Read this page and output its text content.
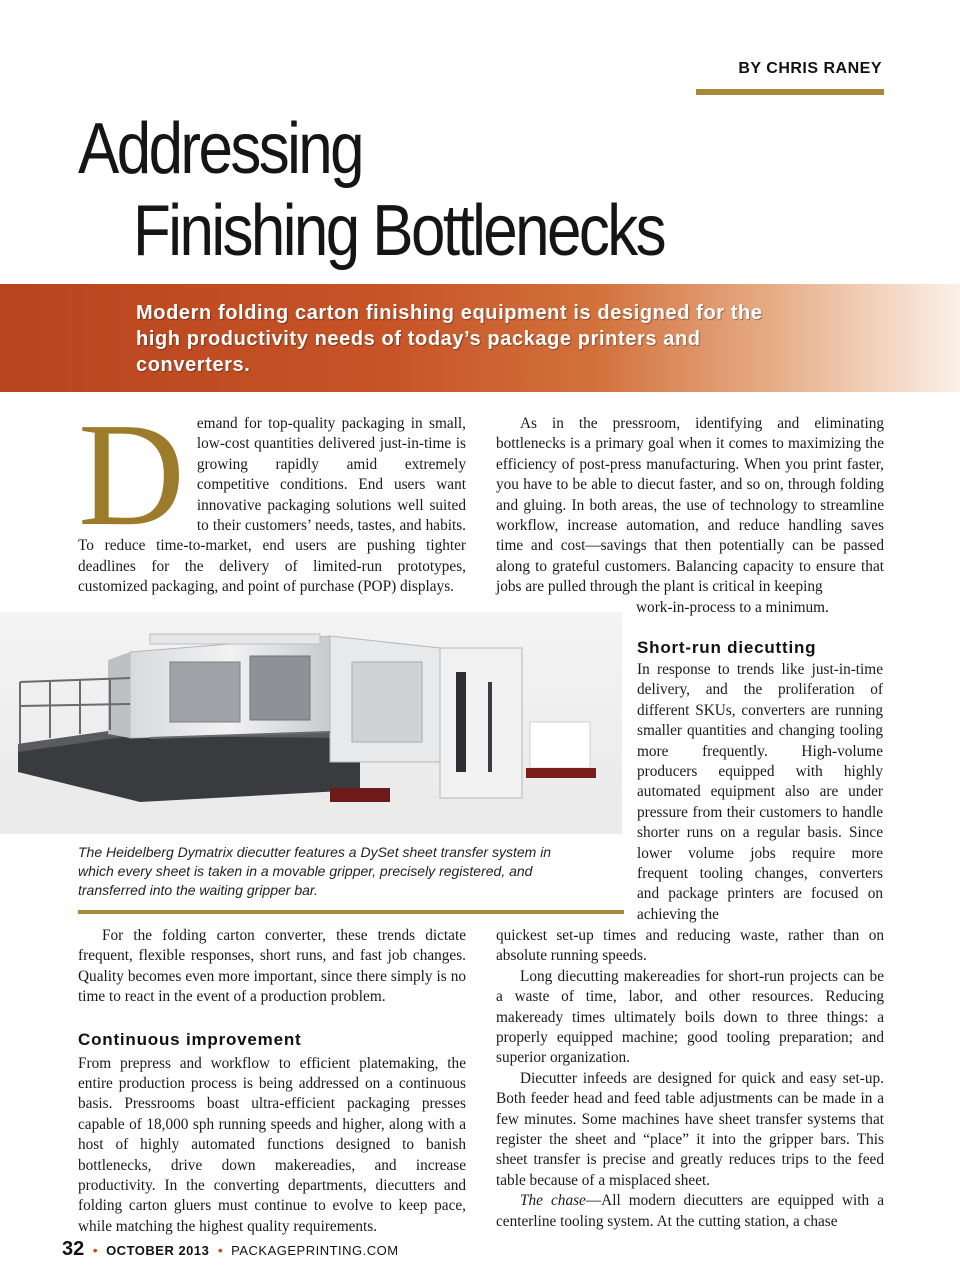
BY CHRIS RANEY
Addressing
Finishing Bottlenecks
Modern folding carton finishing equipment is designed for the high productivity needs of today’s package printers and converters.

Demand for top-quality packaging in small, low-cost quantities delivered just-in-time is growing rapidly amid extremely competitive conditions. End users want innovative packaging solutions well suited to their customers’ needs, tastes, and habits. To reduce time-to-market, end users are pushing tighter deadlines for the delivery of limited-run prototypes, customized packaging, and point of purchase (POP) displays.

As in the pressroom, identifying and eliminating bottlenecks is a primary goal when it comes to maximizing the efficiency of post-press manufacturing. When you print faster, you have to be able to diecut faster, and so on, through folding and gluing. In both areas, the use of technology to streamline workflow, increase automation, and reduce handling saves time and cost—savings that then potentially can be passed along to grateful customers. Balancing capacity to ensure that jobs are pulled through the plant is critical in keeping

work-in-process to a minimum.

The Heidelberg Dymatrix diecutter features a DySet sheet transfer system in which every sheet is taken in a movable gripper, precisely registered, and transferred into the waiting gripper bar.

Short-run diecutting

In response to trends like just-in-time delivery, and the proliferation of different SKUs, converters are running smaller quantities and changing tooling more frequently. High-volume producers equipped with highly automated equipment also are under pressure from their customers to handle shorter runs on a regular basis. Since lower volume jobs require more frequent tooling changes, converters and package printers are focused on achieving the

quickest set-up times and reducing waste, rather than on absolute running speeds.

Long diecutting makereadies for short-run projects can be a waste of time, labor, and other resources. Reducing makeready times ultimately boils down to three things: a properly equipped machine; good tooling preparation; and superior organization.

Diecutter infeeds are designed for quick and easy set-up. Both feeder head and feed table adjustments can be made in a few minutes. Some machines have sheet transfer systems that register the sheet and “place” it into the gripper bars. This sheet transfer is precise and greatly reduces trips to the feed table because of a misplaced sheet.

The chase—All modern diecutters are equipped with a centerline tooling system. At the cutting station, a chase

For the folding carton converter, these trends dictate frequent, flexible responses, short runs, and fast job changes. Quality becomes even more important, since there simply is no time to react in the event of a production problem.

Continuous improvement

From prepress and workflow to efficient platemaking, the entire production process is being addressed on a continuous basis. Pressrooms boast ultra-efficient packaging presses capable of 18,000 sph running speeds and higher, along with a host of highly automated functions designed to banish bottlenecks, drive down makereadies, and increase productivity. In the converting departments, diecutters and folding carton gluers must continue to evolve to keep pace, while matching the highest quality requirements.

32 • OCTOBER 2013 • PACKAGEPRINTING.COM
